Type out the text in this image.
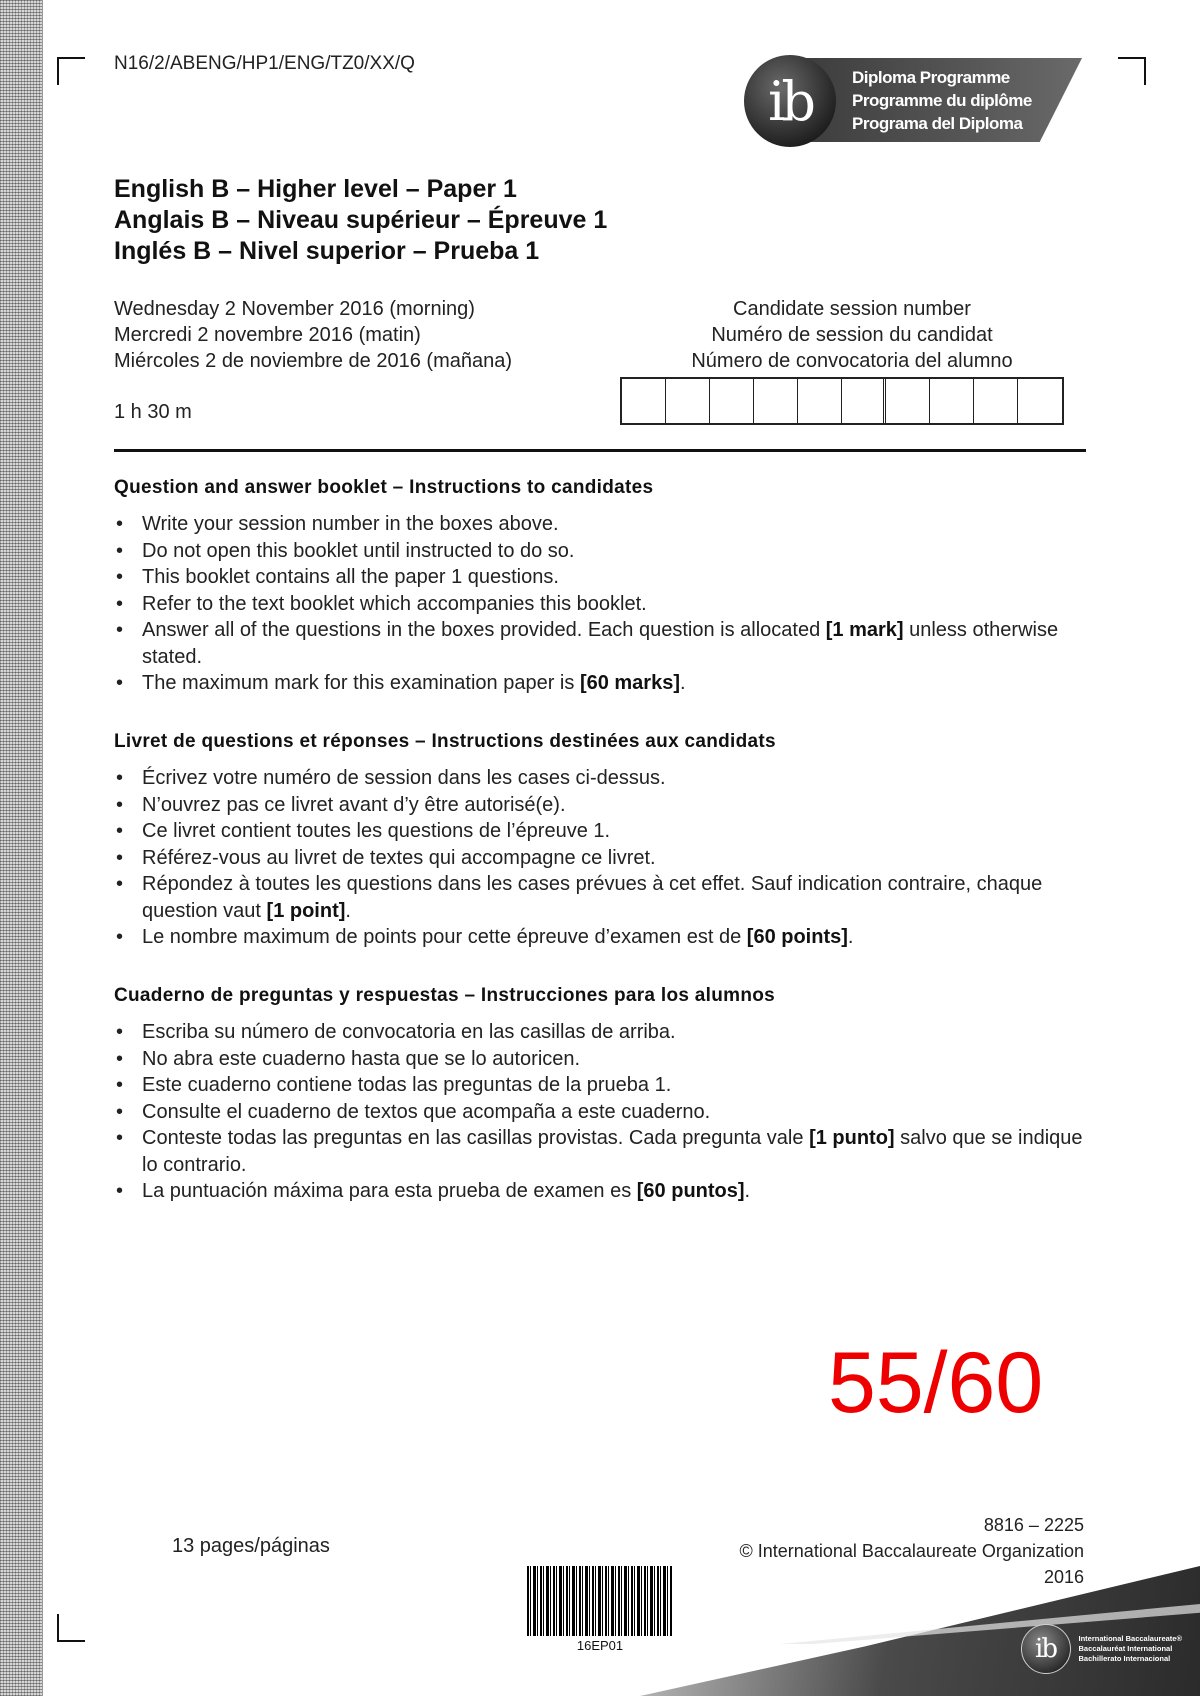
N16/2/ABENG/HP1/ENG/TZ0/XX/Q
ib	Diploma Programme
Programme du diplôme
Programa del Diploma
English B – Higher level – Paper 1
Anglais B – Niveau supérieur – Épreuve 1
Inglés B – Nivel superior – Prueba 1
Wednesday 2 November 2016 (morning)
Mercredi 2 novembre 2016 (matin)
Miércoles 2 de noviembre de 2016 (mañana)
1 h 30 m
Candidate session number
Numéro de session du candidat
Número de convocatoria del alumno
Question and answer booklet – Instructions to candidates
• Write your session number in the boxes above.
• Do not open this booklet until instructed to do so.
• This booklet contains all the paper 1 questions.
• Refer to the text booklet which accompanies this booklet.
• Answer all of the questions in the boxes provided. Each question is allocated [1 mark] unless otherwise stated.
• The maximum mark for this examination paper is [60 marks].
Livret de questions et réponses – Instructions destinées aux candidats
• Écrivez votre numéro de session dans les cases ci-dessus.
• N’ouvrez pas ce livret avant d’y être autorisé(e).
• Ce livret contient toutes les questions de l’épreuve 1.
• Référez-vous au livret de textes qui accompagne ce livret.
• Répondez à toutes les questions dans les cases prévues à cet effet. Sauf indication contraire, chaque question vaut [1 point].
• Le nombre maximum de points pour cette épreuve d’examen est de [60 points].
Cuaderno de preguntas y respuestas – Instrucciones para los alumnos
• Escriba su número de convocatoria en las casillas de arriba.
• No abra este cuaderno hasta que se lo autoricen.
• Este cuaderno contiene todas las preguntas de la prueba 1.
• Consulte el cuaderno de textos que acompaña a este cuaderno.
• Conteste todas las preguntas en las casillas provistas. Cada pregunta vale [1 punto] salvo que se indique lo contrario.
• La puntuación máxima para esta prueba de examen es [60 puntos].
55/60
8816 – 2225
© International Baccalaureate Organization 2016
13 pages/páginas
16EP01	ib	International Baccalaureate®
Baccalauréat International
Bachillerato Internacional
